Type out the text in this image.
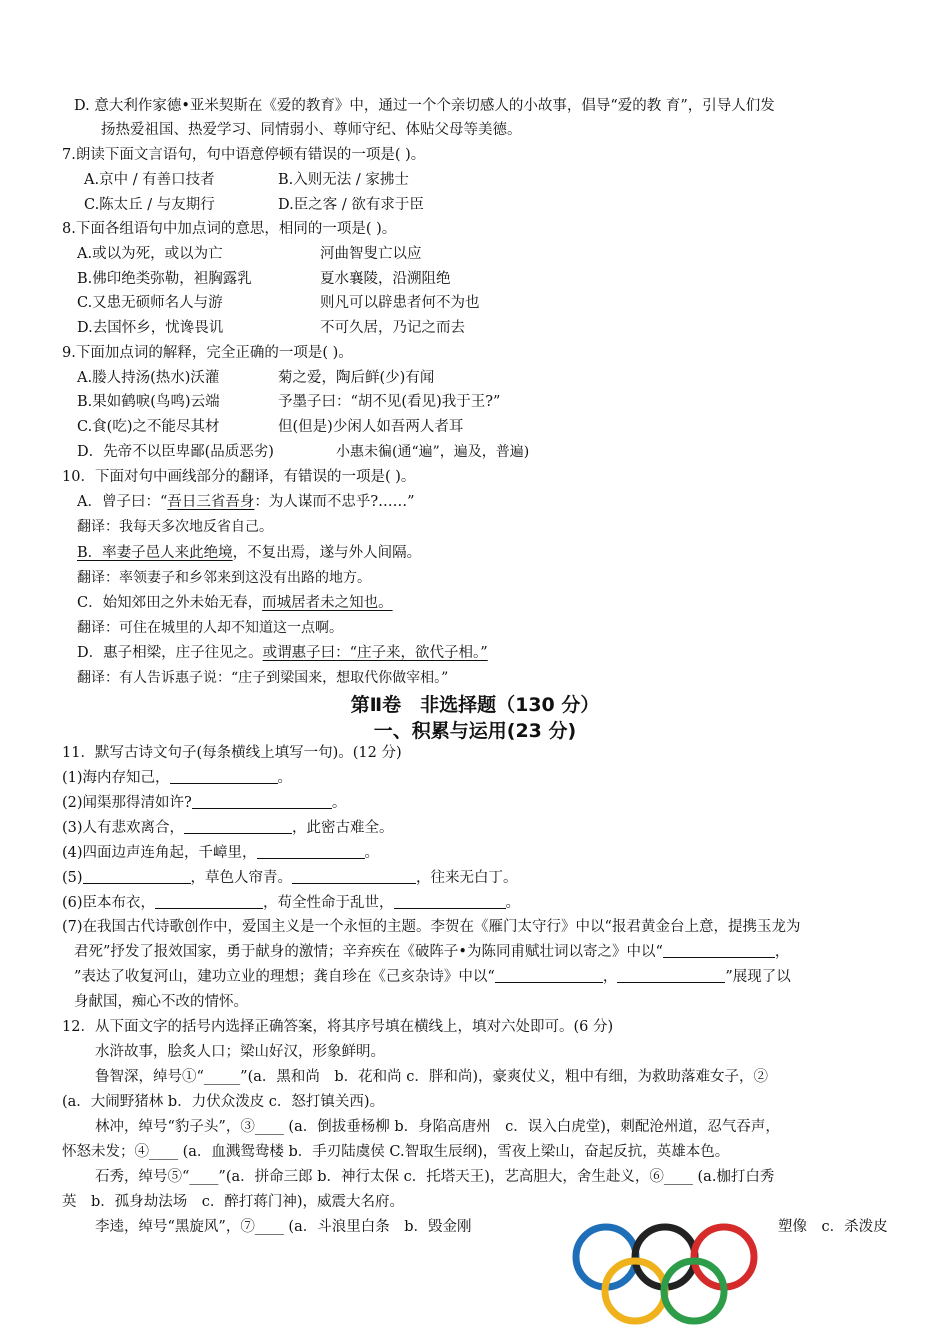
D. 意大利作家德•亚米契斯在《爱的教育》中，通过一个个亲切感人的小故事，倡导“爱的教 育”，引导人们发
扬热爱祖国、热爱学习、同情弱小、尊师守纪、体贴父母等美德。
7.朗读下面文言语句，句中语意停顿有错误的一项是( )。
A.京中 / 有善口技者	B.入则无法 / 家拂士
C.陈太丘 / 与友期行	D.臣之客 / 欲有求于臣
8.下面各组语句中加点词的意思，相同的一项是( )。
A.或以为死，或以为亡	河曲智叟亡以应
B.佛印绝类弥勒，袒胸露乳	夏水襄陵，沿溯阻绝
C.又患无硕师名人与游	则凡可以辟患者何不为也
D.去国怀乡，忧谗畏讥	不可久居，乃记之而去
9.下面加点词的解释，完全正确的一项是( )。
A.媵人持汤(热水)沃灌	菊之爱，陶后鲜(少)有闻
B.果如鹤唳(鸟鸣)云端	予墨子曰：“胡不见(看见)我于王?”
C.食(吃)之不能尽其材	但(但是)少闲人如吾两人者耳
D．先帝不以臣卑鄙(品质恶劣)	小惠未徧(通“遍”，遍及，普遍)
10．下面对句中画线部分的翻译，有错误的一项是( )。
A．曾子曰：“吾日三省吾身：为人谋而不忠乎?……”
翻译：我每天多次地反省自己。
B．率妻子邑人来此绝境，不复出焉，遂与外人间隔。
翻译：率领妻子和乡邻来到这没有出路的地方。
C．始知郊田之外未始无春，而城居者未之知也。
翻译：可住在城里的人却不知道这一点啊。
D．惠子相梁，庄子往见之。或谓惠子曰：“庄子来，欲代子相。”
翻译：有人告诉惠子说：“庄子到梁国来，想取代你做宰相。”
第Ⅱ卷　非选择题（130 分）
一、积累与运用(23 分)
11．默写古诗文句子(每条横线上填写一句)。(12 分)
(1)海内存知己，	。
(2)闻渠那得清如许?	。
(3)人有悲欢离合，	，此密古难全。
(4)四面边声连角起，千嶂里，	。
(5)	，草色人帘青。	，往来无白丁。
(6)臣本布衣，	，苟全性命于乱世，	。
(7)在我国古代诗歌创作中，爱国主义是一个永恒的主题。李贺在《雁门太守行》中以“报君黄金台上意，提携玉龙为
君死”抒发了报效国家，勇于献身的激情；辛弃疾在《破阵子•为陈同甫赋壮词以寄之》中以“	，
”表达了收复河山，建功立业的理想；龚自珍在《己亥杂诗》中以“	，	”展现了以
身献国，痴心不改的情怀。
12．从下面文字的括号内选择正确答案，将其序号填在横线上，填对六处即可。(6 分)
水浒故事，脍炙人口；梁山好汉，形象鲜明。
鲁智深，绰号①“_____”(a．黑和尚　b．花和尚 c．胖和尚)，豪爽仗义，粗中有细，为救助落难女子，②
(a．大闹野猪林 b．力伏众泼皮 c．怒打镇关西)。
林冲，绰号“豹子头”，③____ (a．倒拔垂杨柳 b．身陷高唐州　c．误入白虎堂)，刺配沧州道，忍气吞声，
怀怒未发；④____ (a．血溅鸳鸯楼 b．手刃陆虞侯 C.智取生辰纲)，雪夜上梁山，奋起反抗，英雄本色。
石秀，绰号⑤“____”(a．拼命三郎 b．神行太保 c．托塔天王)，艺高胆大，舍生赴义，⑥____ (a.枷打白秀
英　b．孤身劫法场　c．醉打蒋门神)，威震大名府。
李逵，绰号“黑旋风”，⑦____ (a．斗浪里白条　b．毁金刚	塑像　c．杀泼皮
